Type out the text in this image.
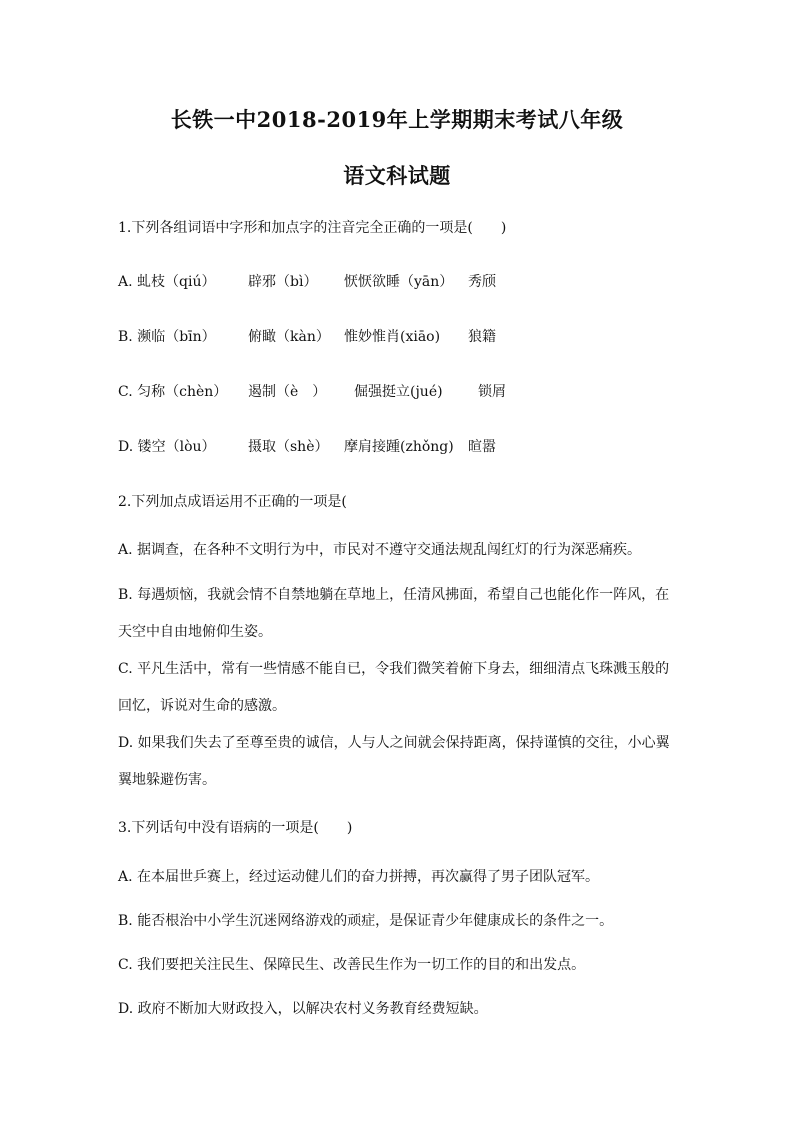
长铁一中2018-2019年上学期期末考试八年级
语文科试题
1.下列各组词语中字形和加点字的注音完全正确的一项是(　　)
A. 虬枝（qiú） 辟邪（bì） 恹恹欲睡（yān） 秀颀
B. 濒临（bīn） 俯瞰（kàn） 惟妙惟肖(xiāo) 狼籍
C. 匀称（chèn） 遏制（è　） 倔强挺立(jué)	锁屑
D. 镂空（lòu） 摄取（shè） 摩肩接踵(zhǒng) 暄嚣
2.下列加点成语运用不正确的一项是(
A. 据调查，在各种不文明行为中，市民对不遵守交通法规乱闯红灯的行为深恶痛疾。
B. 每遇烦恼，我就会情不自禁地躺在草地上，任清风拂面，希望自己也能化作一阵风，在天空中自由地俯仰生姿。
C. 平凡生活中，常有一些情感不能自已，令我们微笑着俯下身去，细细清点飞珠溅玉般的回忆，诉说对生命的感激。
D. 如果我们失去了至尊至贵的诚信，人与人之间就会保持距离，保持谨慎的交往，小心翼翼地躲避伤害。
3.下列话句中没有语病的一项是(　　)
A. 在本届世乒赛上，经过运动健儿们的奋力拼搏，再次赢得了男子团队冠军。
B. 能否根治中小学生沉迷网络游戏的顽症，是保证青少年健康成长的条件之一。
C. 我们要把关注民生、保障民生、改善民生作为一切工作的目的和出发点。
D. 政府不断加大财政投入，以解决农村义务教育经费短缺。
